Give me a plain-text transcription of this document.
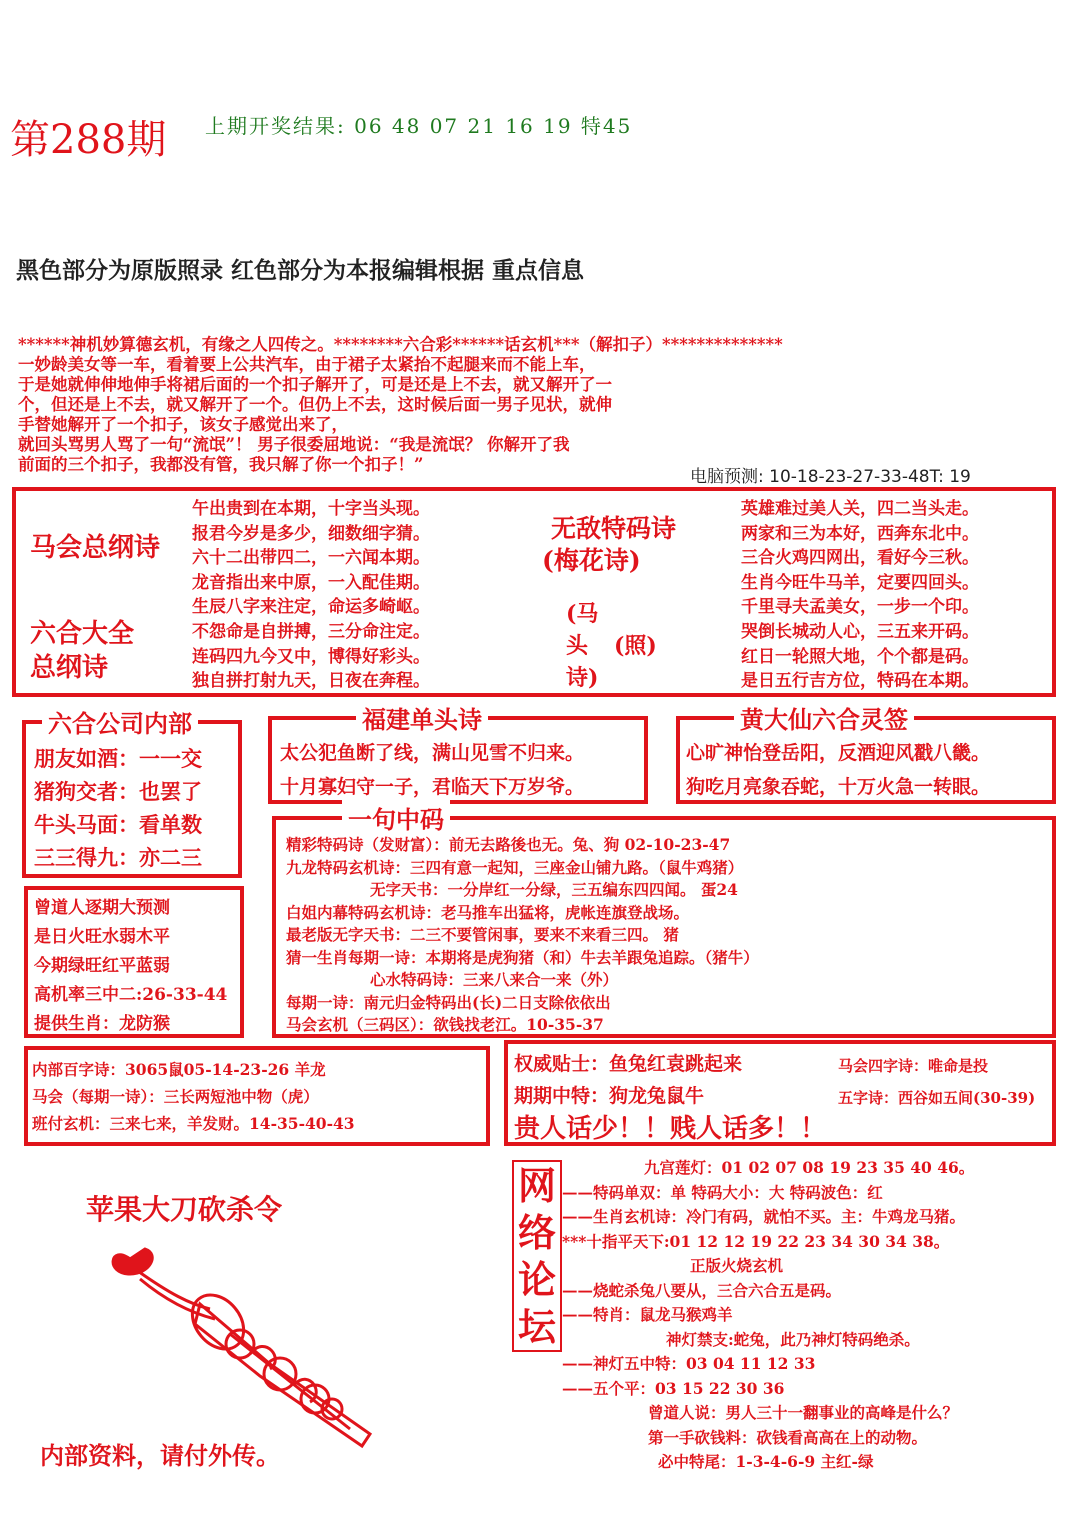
第288期 上期开奖结果: 06 48 07 21 16 19 特45
黑色部分为原版照录 红色部分为本报编辑根据 重点信息
******神机妙算德玄机，有缘之人四传之。********六合彩******话玄机***（解扣子）**************
一妙龄美女等一车，看着要上公共汽车，由于裙子太紧抬不起腿来而不能上车，
于是她就伸伸地伸手将裙后面的一个扣子解开了，可是还是上不去，就又解开了一
个，但还是上不去，就又解开了一个。但仍上不去，这时候后面一男子见状，就伸
手替她解开了一个扣子，该女子感觉出来了，
就回头骂男人骂了一句“流氓”！ 男子很委屈地说：“我是流氓？ 你解开了我
前面的三个扣子，我都没有管，我只解了你一个扣子！”
电脑预测: 10-18-23-27-33-48T: 19
马会总纲诗
六合大全
总纲诗
午出贵到在本期，十字当头现。
报君今岁是多少，细数细字猜。
六十二出带四二，一六闻本期。
龙音指出来中原，一入配佳期。
生辰八字来注定，命运多崎岖。
不怨命是自拼搏，三分命注定。
连码四九今又中，博得好彩头。
独自拼打射九天，日夜在奔程。
无敌特码诗
(梅花诗)
(马
头 (照)
诗)
英雄难过美人关，四二当头走。
两家和三为本好，西奔东北中。
三合火鸡四网出，看好今三秋。
生肖今旺牛马羊，定要四回头。
千里寻夫孟美女，一步一个印。
哭倒长城动人心，三五来开码。
红日一轮照大地，个个都是码。
是日五行吉方位，特码在本期。
朋友如酒：一一交
猪狗交者：也罢了
牛头马面：看单数
三三得九：亦二三
六合公司内部
太公犯鱼断了线，满山见雪不归来。
十月寡妇守一子，君临天下万岁爷。
福建单头诗
心旷神怡登岳阳，反酒迎风戳八畿。
狗吃月亮象吞蛇，十万火急一转眼。
黄大仙六合灵签
曾道人逐期大预测
是日火旺水弱木平
今期绿旺红平蓝弱
高机率三中二:26-33-44
提供生肖：龙防猴
精彩特码诗（发财富）：前无去路後也无。兔、狗 02-10-23-47
九龙特码玄机诗：三四有意一起知，三座金山铺九路。（鼠牛鸡猪）
无字天书：一分岸红一分绿，三五编东四四闻。 蛋24
白姐内幕特码玄机诗：老马推车出猛将，虎帐连旗登战场。
最老版无字天书：二三不要管闲事，要来不来看三四。 猪
猜一生肖每期一诗：本期将是虎狗猪（和）牛去羊跟兔追踪。（猪牛）
心水特码诗：三来八来合一来（外）
每期一诗：南元归金特码出(长)二日支除依依出
马会玄机（三码区）：欲钱找老江。10-35-37
一句中码
内部百字诗：3065鼠05-14-23-26 羊龙
马会（每期一诗）：三长两短池中物（虎）
班付玄机：三来七来，羊发财。14-35-40-43
权威贴士：鱼兔红袁跳起来
期期中特：狗龙兔鼠牛
马会四字诗：唯命是投
五字诗：西谷如五间(30-39)
贵人话少！！贱人话多！！
苹果大刀砍杀令
内部资料，请付外传。
网
络
论
坛
九宫莲灯：01 02 07 08 19 23 35 40 46。
——特码单双：单 特码大小：大 特码波色：红
——生肖玄机诗：冷门有码，就怕不买。主：牛鸡龙马猪。
***十指平天下:01 12 12 19 22 23 34 30 34 38。
正版火烧玄机
——烧蛇杀兔八要从，三合六合五是码。
——特肖：鼠龙马猴鸡羊
神灯禁支:蛇兔，此乃神灯特码绝杀。
——神灯五中特：03 04 11 12 33
——五个平：03 15 22 30 36
曾道人说：男人三十一翻事业的高峰是什么？
第一手砍钱料：砍钱看高高在上的动物。
必中特尾：1-3-4-6-9 主红-绿
